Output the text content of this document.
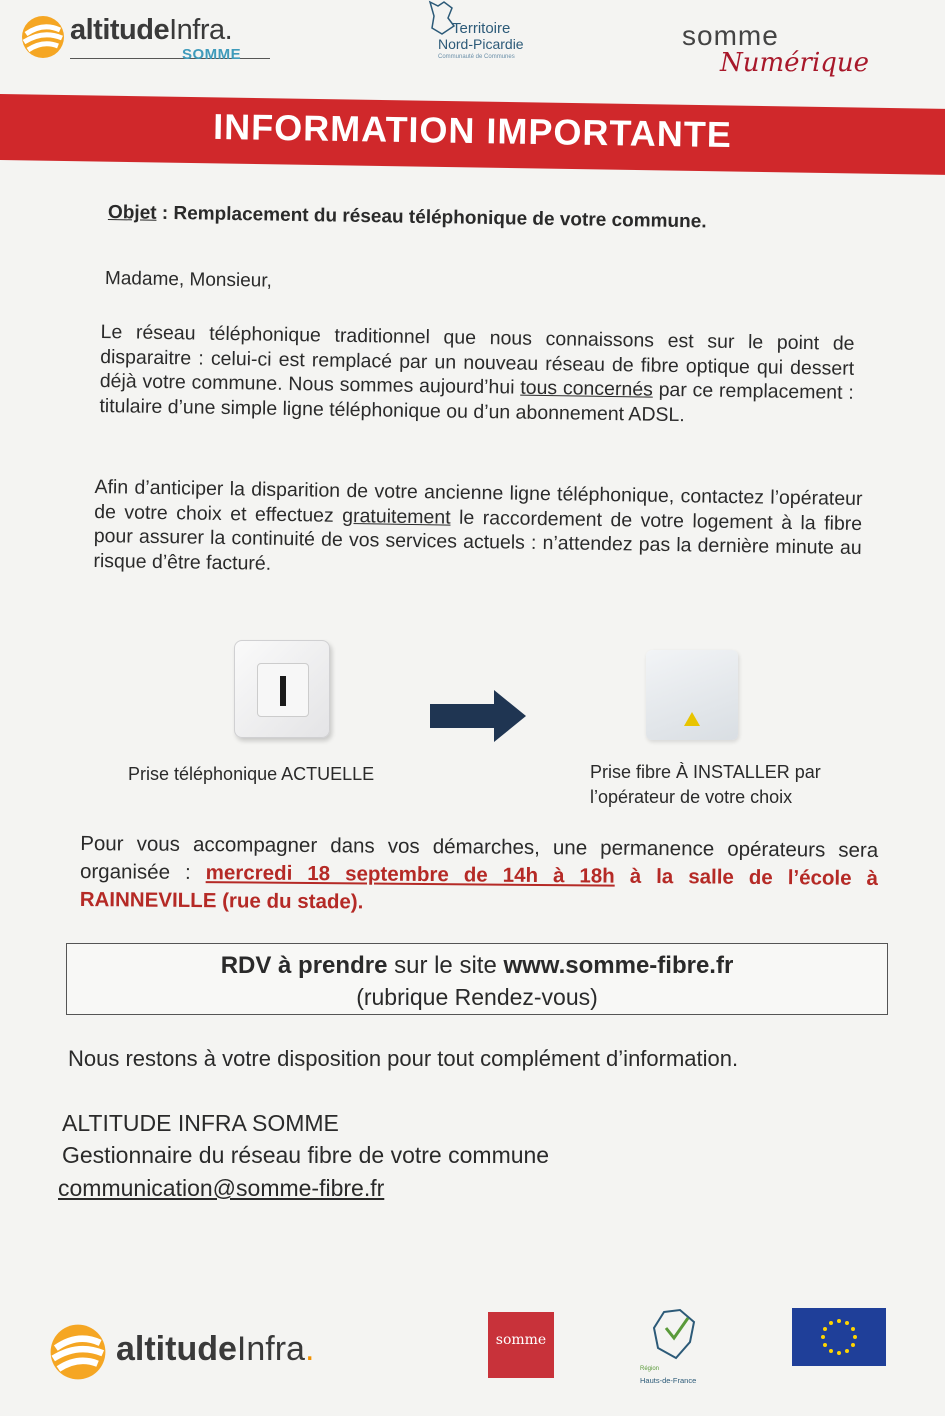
altitudeInfra.
SOMME
Territoire
Nord-Picardie
Communauté de Communes
somme
Numérique
INFORMATION IMPORTANTE
Objet : Remplacement du réseau téléphonique de votre commune.
Madame, Monsieur,
Le réseau téléphonique traditionnel que nous connaissons est sur le point de disparaitre : celui-ci est remplacé par un nouveau réseau de fibre optique qui dessert déjà votre commune. Nous sommes aujourd’hui tous concernés par ce remplacement : titulaire d’une simple ligne téléphonique ou d’un abonnement ADSL.
Afin d’anticiper la disparition de votre ancienne ligne téléphonique, contactez l’opérateur de votre choix et effectuez gratuitement le raccordement de votre logement à la fibre pour assurer la continuité de vos services actuels : n’attendez pas la dernière minute au risque d’être facturé.
Prise téléphonique ACTUELLE	Prise fibre À INSTALLER par l’opérateur de votre choix
Pour vous accompagner dans vos démarches, une permanence opérateurs sera organisée : mercredi 18 septembre de 14h à 18h à la salle de l’école à RAINNEVILLE (rue du stade).
RDV à prendre sur le site www.somme-fibre.fr
(rubrique Rendez-vous)
Nous restons à votre disposition pour tout complément d’information.
ALTITUDE INFRA SOMME
Gestionnaire du réseau fibre de votre commune
communication@somme-fibre.fr
altitudeInfra.	somme
Région
Hauts-de-France
